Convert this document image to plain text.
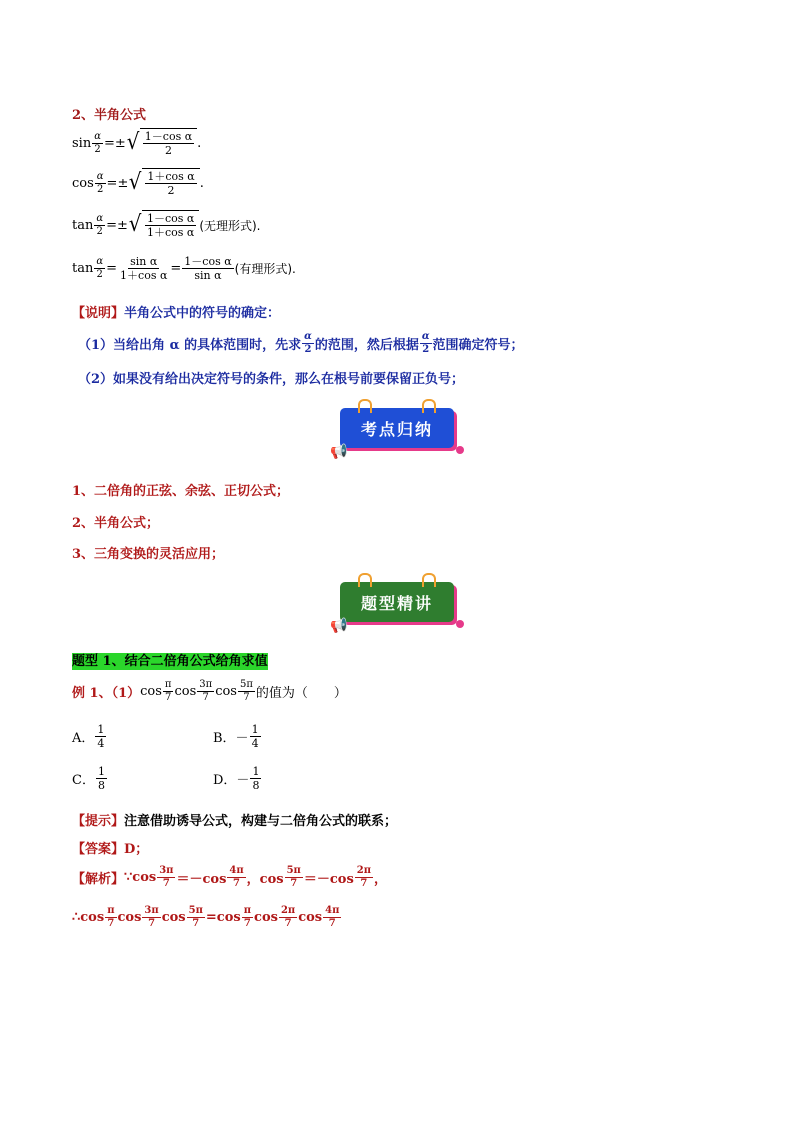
2、半角公式
$\sin \frac{\alpha}{2}$ =± √ $\frac{\text{1－cos α}}{2}$ .
$\cos \frac{\alpha}{2}$ =± √ $\frac{\text{1＋cos α}}{2}$ .
$\tan \frac{\alpha}{2}$ =± √ $\frac{\text{1－cos α}}{\text{1＋cos α}}$ (无理形式).
$\tan \frac{\alpha}{2} = \frac{\text{sin α}}{\text{1＋cos α}} = \frac{\text{1－cos α}}{\text{sin α}}$ (有理形式).
【说明】半角公式中的符号的确定：
（1）当给出角 α 的具体范围时，先求 $\frac{\alpha}{2}$ 的范围，然后根据 $\frac{\alpha}{2}$ 范围确定符号；
（2）如果没有给出决定符号的条件，那么在根号前要保留正负号；
考点归纳
📢
1、二倍角的正弦、余弦、正切公式；
2、半角公式；
3、三角变换的灵活应用；
题型精讲
📢
题型 1、结合二倍角公式给角求值
例 1、（1） $\cos \frac{\pi}{7}$ $\cos \frac{3\pi}{7}$ $\cos \frac{5\pi}{7}$ 的值为（　　）
A． $\frac{1}{4}$	B．－ $\frac{1}{4}$
C． $\frac{1}{8}$	D．－ $\frac{1}{8}$
【提示】注意借助诱导公式，构建与二倍角公式的联系；
【答案】D；
【解析】 ∵cos $\frac{3\pi}{7} =-\cos \frac{4\pi}{7}$ ，$\cos \frac{5\pi}{7} =-\cos \frac{2\pi}{7}$ ，
∴cos $\frac{\pi}{7}$ $\cos \frac{3\pi}{7}$ $\cos \frac{5\pi}{7} = \cos \frac{\pi}{7}$ $\cos \frac{2\pi}{7}$ $\cos \frac{4\pi}{7}$
